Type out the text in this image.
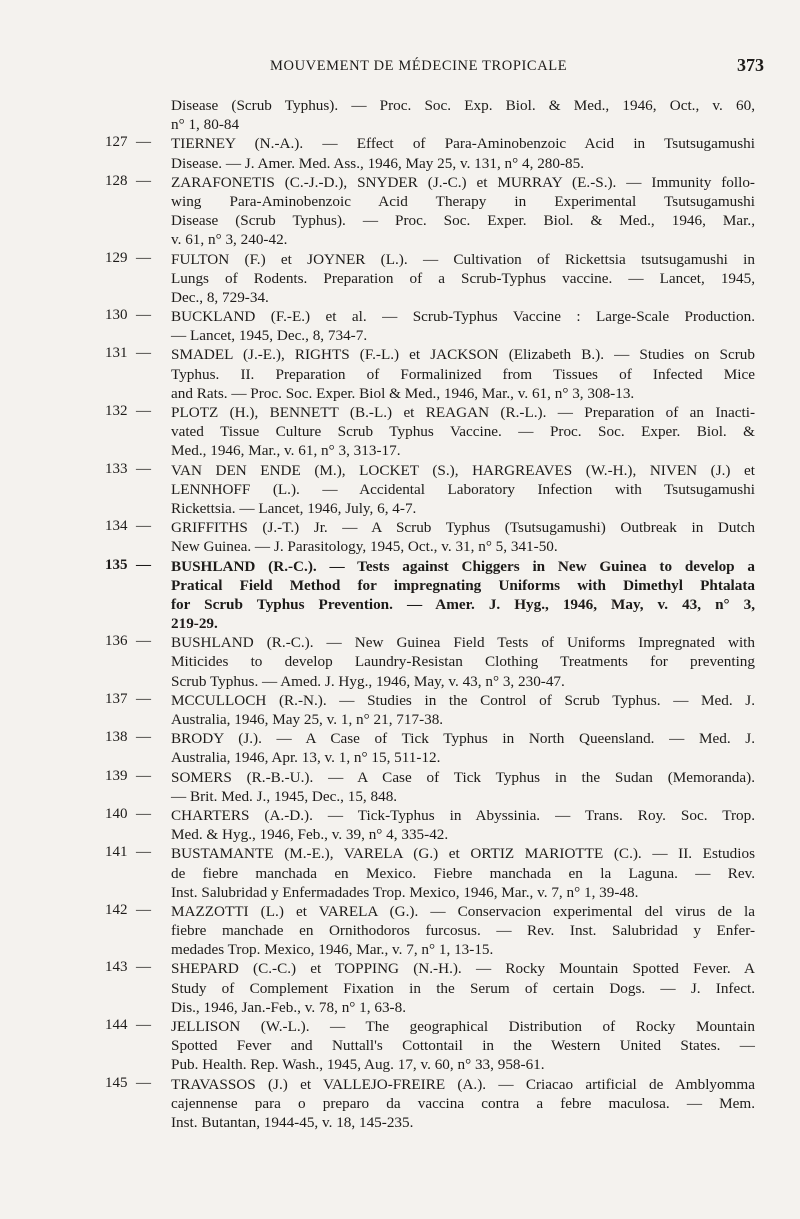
MOUVEMENT DE MÉDECINE TROPICALE	373
Disease (Scrub Typhus). — Proc. Soc. Exp. Biol. & Med., 1946, Oct., v. 60,
n° 1, 80-84
127 — TIERNEY (N.-A.). — Effect of Para-Aminobenzoic Acid in Tsutsugamushi
Disease. — J. Amer. Med. Ass., 1946, May 25, v. 131, n° 4, 280-85.
128 — ZARAFONETIS (C.-J.-D.), SNYDER (J.-C.) et MURRAY (E.-S.). — Immunity follo-
wing Para-Aminobenzoic Acid Therapy in Experimental Tsutsugamushi
Disease (Scrub Typhus). — Proc. Soc. Exper. Biol. & Med., 1946, Mar.,
v. 61, n° 3, 240-42.
129 — FULTON (F.) et JOYNER (L.). — Cultivation of Rickettsia tsutsugamushi in
Lungs of Rodents. Preparation of a Scrub-Typhus vaccine. — Lancet, 1945,
Dec., 8, 729-34.
130 — BUCKLAND (F.-E.) et al. — Scrub-Typhus Vaccine : Large-Scale Production.
— Lancet, 1945, Dec., 8, 734-7.
131 — SMADEL (J.-E.), RIGHTS (F.-L.) et JACKSON (Elizabeth B.). — Studies on Scrub
Typhus. II. Preparation of Formalinized from Tissues of Infected Mice
and Rats. — Proc. Soc. Exper. Biol & Med., 1946, Mar., v. 61, n° 3, 308-13.
132 — PLOTZ (H.), BENNETT (B.-L.) et REAGAN (R.-L.). — Preparation of an Inacti-
vated Tissue Culture Scrub Typhus Vaccine. — Proc. Soc. Exper. Biol. &
Med., 1946, Mar., v. 61, n° 3, 313-17.
133 — VAN DEN ENDE (M.), LOCKET (S.), HARGREAVES (W.-H.), NIVEN (J.) et
LENNHOFF (L.). — Accidental Laboratory Infection with Tsutsugamushi
Rickettsia. — Lancet, 1946, July, 6, 4-7.
134 — GRIFFITHS (J.-T.) Jr. — A Scrub Typhus (Tsutsugamushi) Outbreak in Dutch
New Guinea. — J. Parasitology, 1945, Oct., v. 31, n° 5, 341-50.
135 — BUSHLAND (R.-C.). — Tests against Chiggers in New Guinea to develop a
Pratical Field Method for impregnating Uniforms with Dimethyl Phtalata
for Scrub Typhus Prevention. — Amer. J. Hyg., 1946, May, v. 43, n° 3,
219-29.
136 — BUSHLAND (R.-C.). — New Guinea Field Tests of Uniforms Impregnated with
Miticides to develop Laundry-Resistan Clothing Treatments for preventing
Scrub Typhus. — Amed. J. Hyg., 1946, May, v. 43, n° 3, 230-47.
137 — MCCULLOCH (R.-N.). — Studies in the Control of Scrub Typhus. — Med. J.
Australia, 1946, May 25, v. 1, n° 21, 717-38.
138 — BRODY (J.). — A Case of Tick Typhus in North Queensland. — Med. J.
Australia, 1946, Apr. 13, v. 1, n° 15, 511-12.
139 — SOMERS (R.-B.-U.). — A Case of Tick Typhus in the Sudan (Memoranda).
— Brit. Med. J., 1945, Dec., 15, 848.
140 — CHARTERS (A.-D.). — Tick-Typhus in Abyssinia. — Trans. Roy. Soc. Trop.
Med. & Hyg., 1946, Feb., v. 39, n° 4, 335-42.
141 — BUSTAMANTE (M.-E.), VARELA (G.) et ORTIZ MARIOTTE (C.). — II. Estudios
de fiebre manchada en Mexico. Fiebre manchada en la Laguna. — Rev.
Inst. Salubridad y Enfermadades Trop. Mexico, 1946, Mar., v. 7, n° 1, 39-48.
142 — MAZZOTTI (L.) et VARELA (G.). — Conservacion experimental del virus de la
fiebre manchade en Ornithodoros furcosus. — Rev. Inst. Salubridad y Enfer-
medades Trop. Mexico, 1946, Mar., v. 7, n° 1, 13-15.
143 — SHEPARD (C.-C.) et TOPPING (N.-H.). — Rocky Mountain Spotted Fever. A
Study of Complement Fixation in the Serum of certain Dogs. — J. Infect.
Dis., 1946, Jan.-Feb., v. 78, n° 1, 63-8.
144 — JELLISON (W.-L.). — The geographical Distribution of Rocky Mountain
Spotted Fever and Nuttall's Cottontail in the Western United States. —
Pub. Health. Rep. Wash., 1945, Aug. 17, v. 60, n° 33, 958-61.
145 — TRAVASSOS (J.) et VALLEJO-FREIRE (A.). — Criacao artificial de Amblyomma
cajennense para o preparo da vaccina contra a febre maculosa. — Mem.
Inst. Butantan, 1944-45, v. 18, 145-235.
